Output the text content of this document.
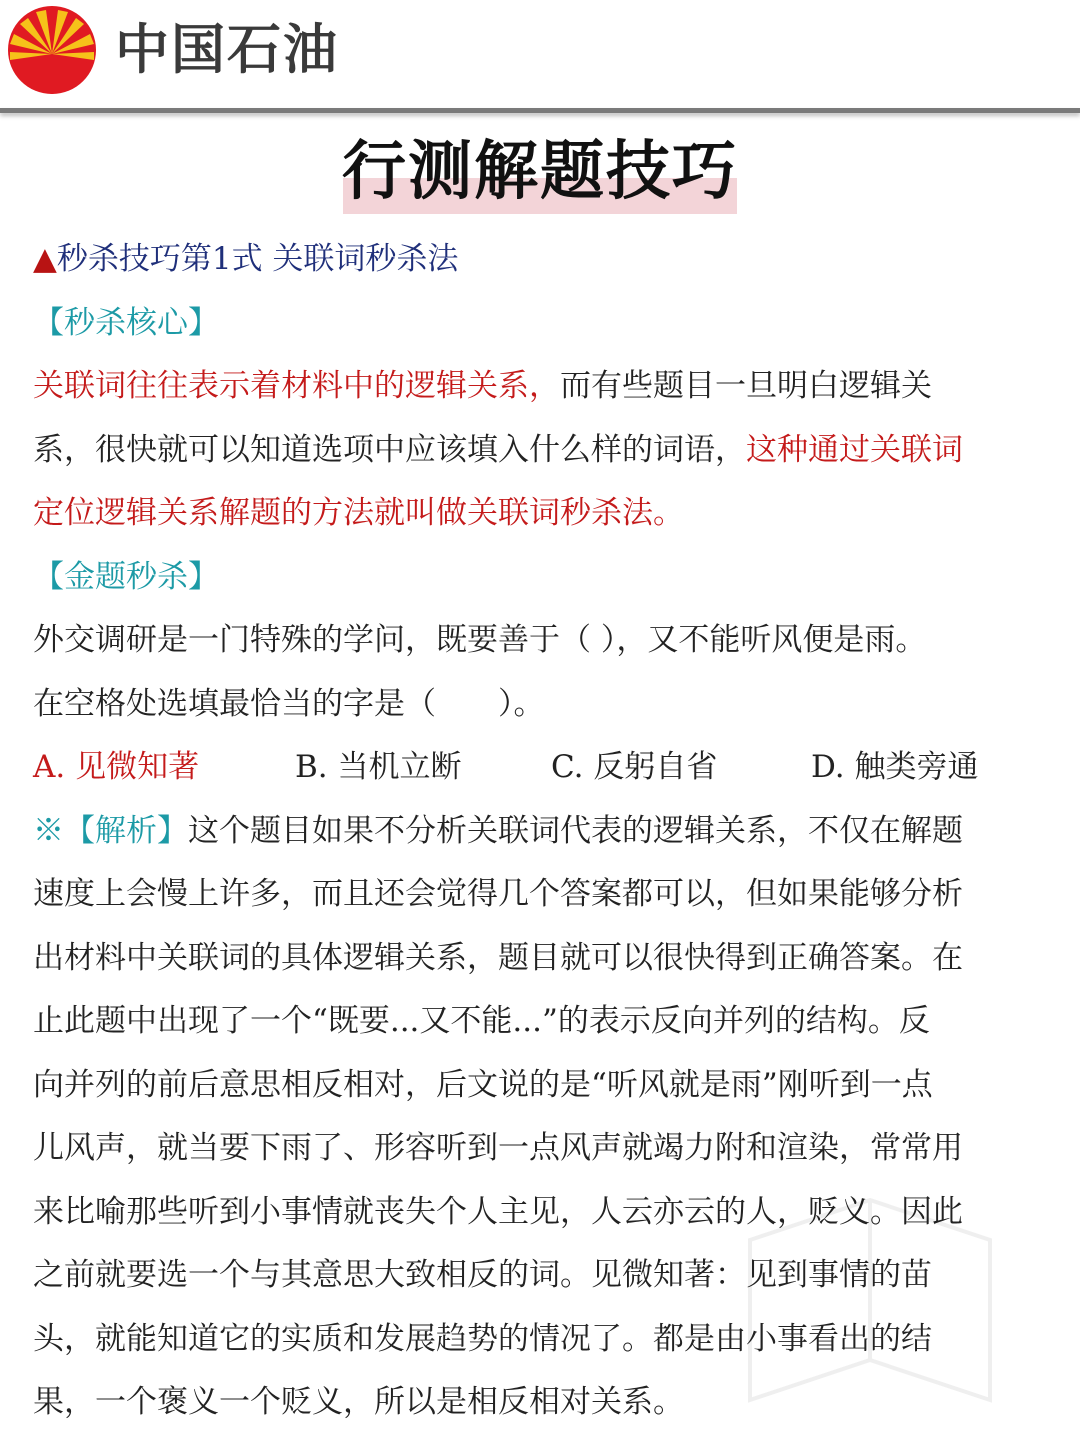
中国石油
行测解题技巧
▲秒杀技巧第1式 关联词秒杀法
【秒杀核心】
关联词往往表示着材料中的逻辑关系，而有些题目一旦明白逻辑关
系，很快就可以知道选项中应该填入什么样的词语，这种通过关联词
定位逻辑关系解题的方法就叫做关联词秒杀法。
【金题秒杀】
外交调研是一门特殊的学问，既要善于（ ），又不能听风便是雨。
在空格处选填最恰当的字是（　　）。
A. 见微知著	B. 当机立断	C. 反躬自省	D. 触类旁通
※【解析】这个题目如果不分析关联词代表的逻辑关系，不仅在解题
速度上会慢上许多，而且还会觉得几个答案都可以，但如果能够分析
出材料中关联词的具体逻辑关系，题目就可以很快得到正确答案。在
止此题中出现了一个“既要...又不能...”的表示反向并列的结构。反
向并列的前后意思相反相对，后文说的是“听风就是雨”刚听到一点
儿风声，就当要下雨了、形容听到一点风声就竭力附和渲染，常常用
来比喻那些听到小事情就丧失个人主见，人云亦云的人，贬义。因此
之前就要选一个与其意思大致相反的词。见微知著：见到事情的苗
头，就能知道它的实质和发展趋势的情况了。都是由小事看出的结
果，一个褒义一个贬义，所以是相反相对关系。
